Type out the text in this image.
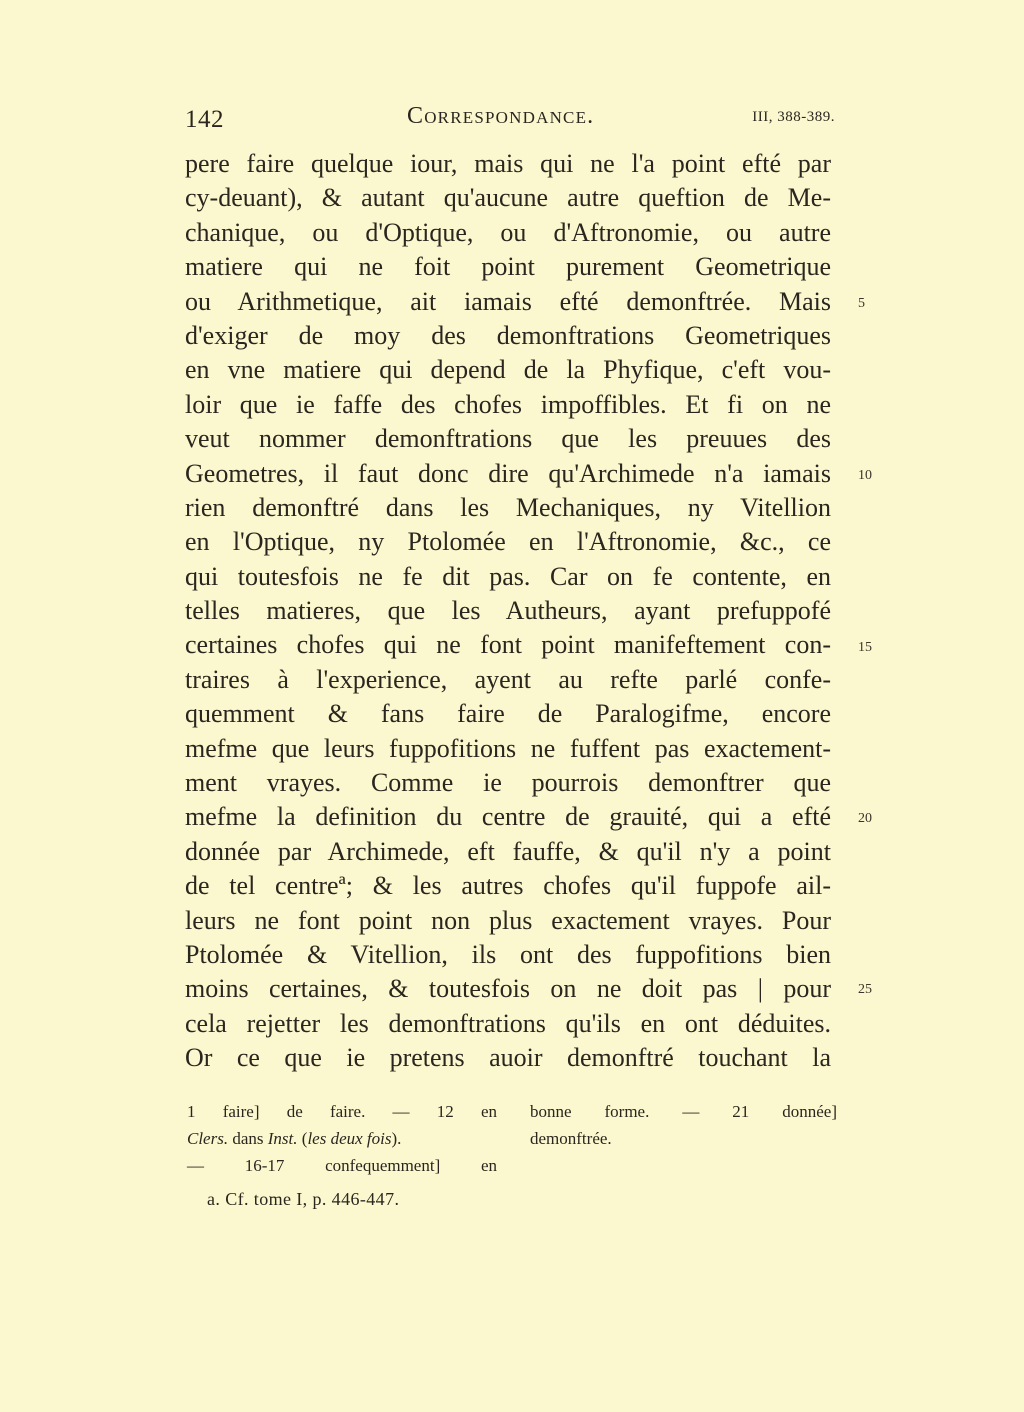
142	Correspondance.	III, 388-389.
pere faire quelque iour, mais qui ne l'a point efté par
cy-deuant), & autant qu'aucune autre queftion de Me-
chanique, ou d'Optique, ou d'Aftronomie, ou autre
matiere qui ne foit point purement Geometrique
ou Arithmetique, ait iamais efté demonftrée. Mais
d'exiger de moy des demonftrations Geometriques
en vne matiere qui depend de la Phyfique, c'eft vou-
loir que ie faffe des chofes impoffibles. Et fi on ne
veut nommer demonftrations que les preuues des
Geometres, il faut donc dire qu'Archimede n'a iamais
rien demonftré dans les Mechaniques, ny Vitellion
en l'Optique, ny Ptolomée en l'Aftronomie, &c., ce
qui toutesfois ne fe dit pas. Car on fe contente, en
telles matieres, que les Autheurs, ayant prefuppofé
certaines chofes qui ne font point manifeftement con-
traires à l'experience, ayent au refte parlé confe-
quemment & fans faire de Paralogifme, encore
mefme que leurs fuppofitions ne fuffent pas exactement-
ment vrayes. Comme ie pourrois demonftrer que
mefme la definition du centre de grauité, qui a efté
donnée par Archimede, eft fauffe, & qu'il n'y a point
de tel centreª; & les autres chofes qu'il fuppofe ail-
leurs ne font point non plus exactement vrayes. Pour
Ptolomée & Vitellion, ils ont des fuppofitions bien
moins certaines, & toutesfois on ne doit pas | pour
cela rejetter les demonftrations qu'ils en ont déduites.
Or ce que ie pretens auoir demonftré touchant la
5
10
15
20
25
1 faire] de faire. — 12 en
Clers. dans Inst. (les deux fois).
— 16-17 confequemment] en
bonne forme. — 21 donnée]
demonftrée.
a. Cf. tome I, p. 446-447.
